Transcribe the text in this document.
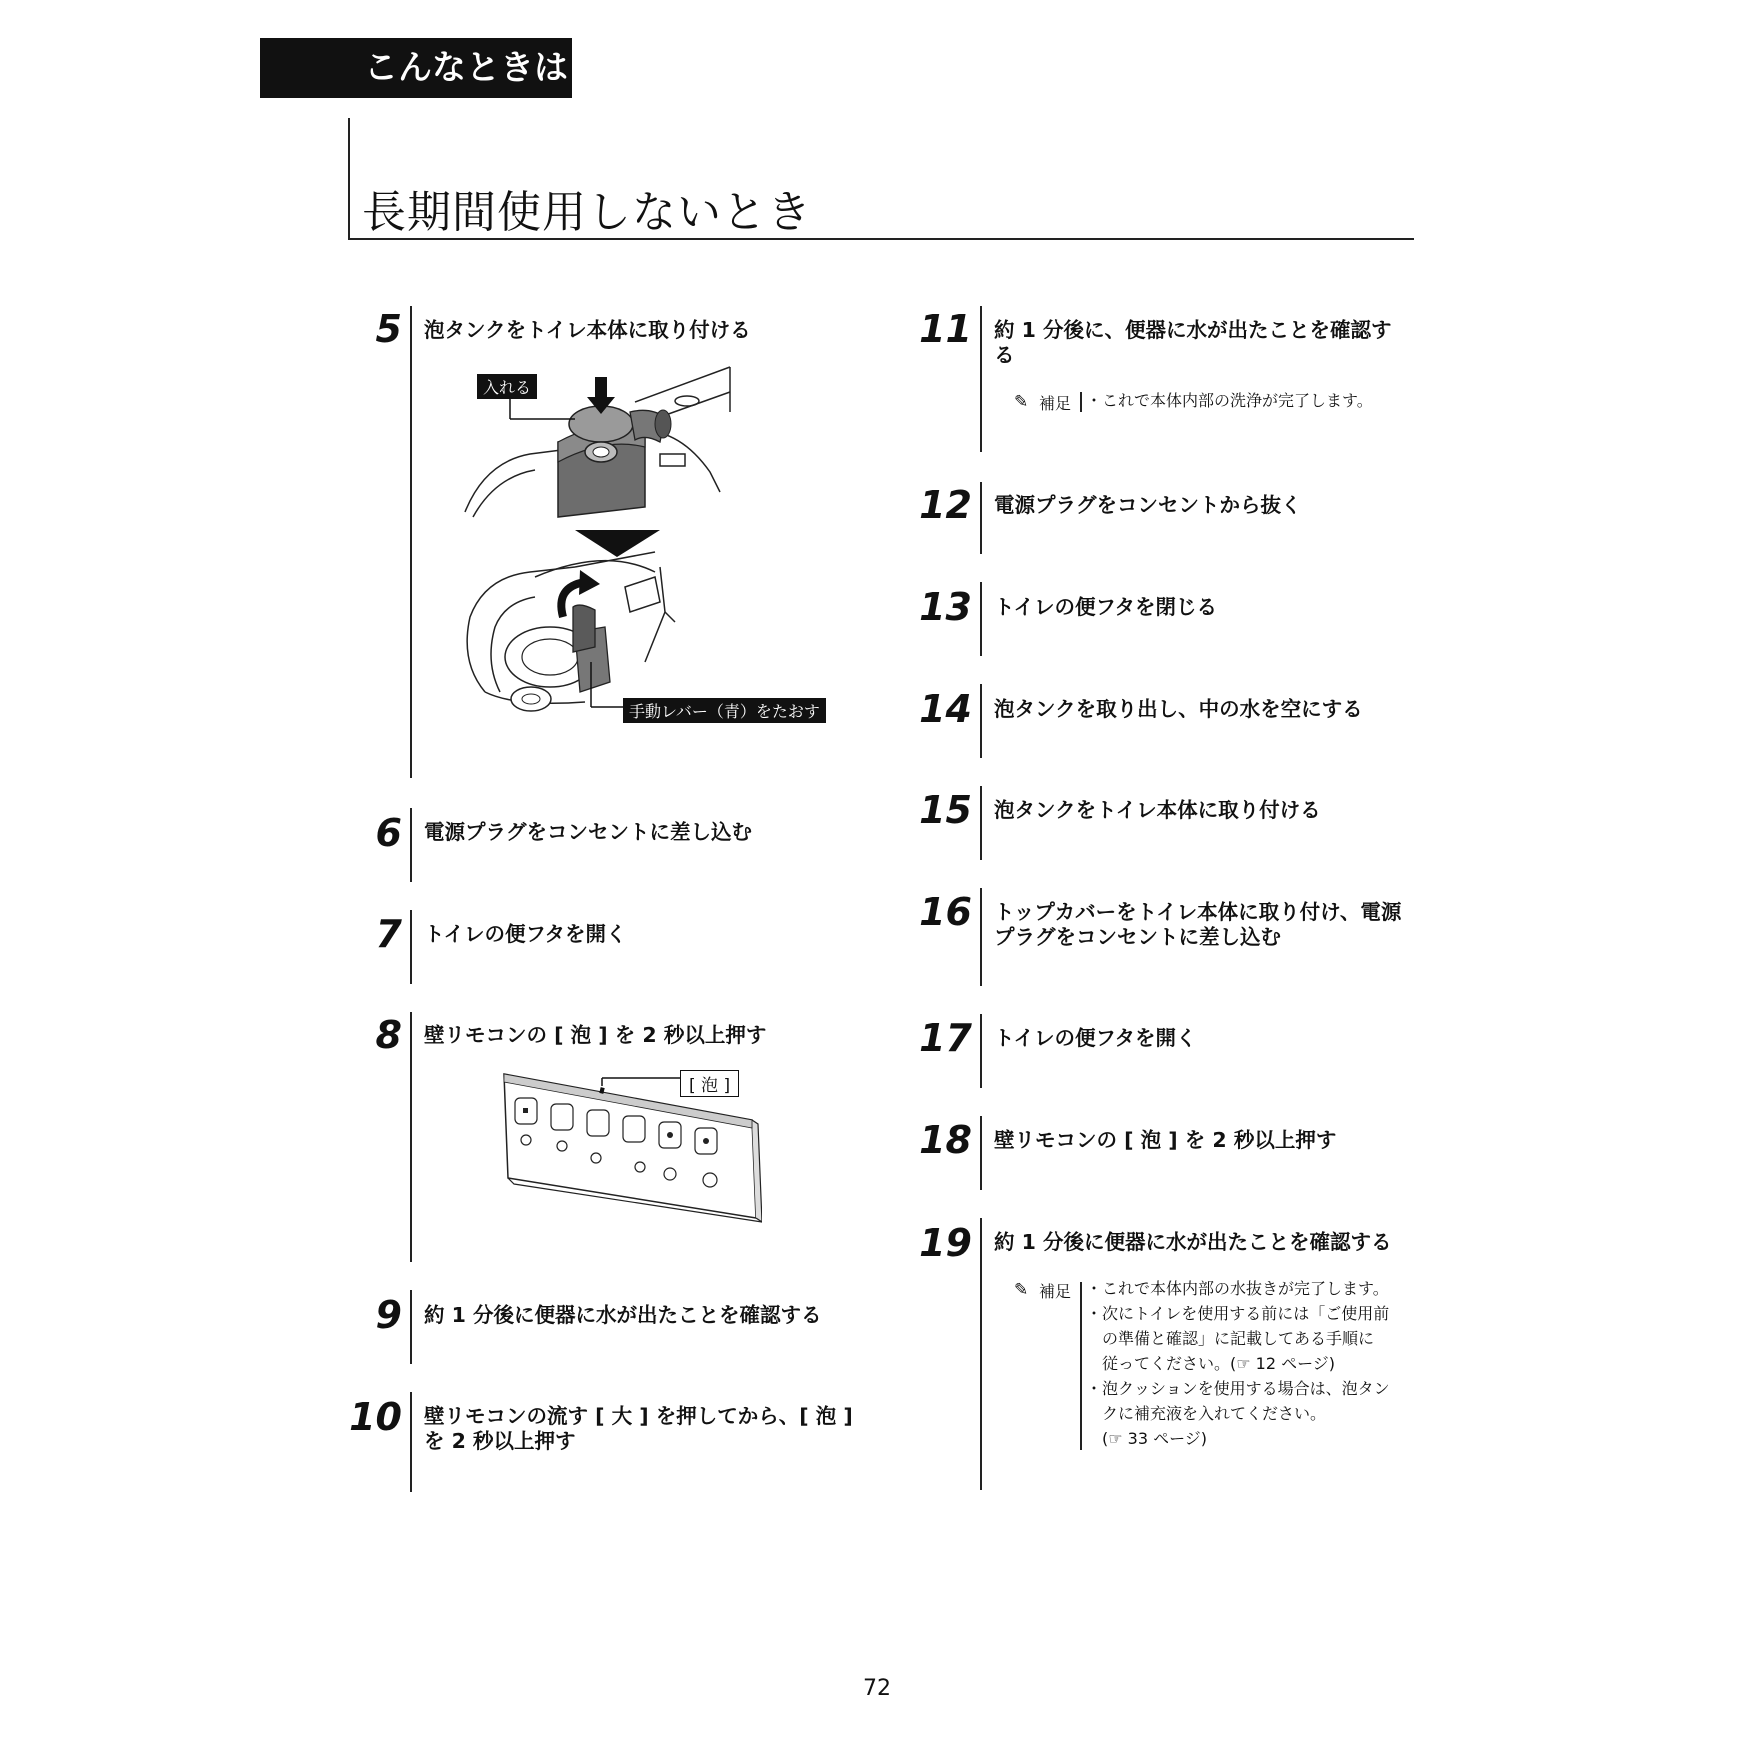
こんなときは
長期間使用しないとき
5 泡タンクをトイレ本体に取り付ける
入れる
手動レバー（青）をたおす
6 電源プラグをコンセントに差し込む
7 トイレの便フタを開く
8 壁リモコンの [ 泡 ] を 2 秒以上押す
[ 泡 ]
9 約 1 分後に便器に水が出たことを確認する
10 壁リモコンの流す [ 大 ] を押してから、[ 泡 ]
を 2 秒以上押す
11 約 1 分後に、便器に水が出たことを確認す
る
✎ 補足 ・これで本体内部の洗浄が完了します。
12 電源プラグをコンセントから抜く
13 トイレの便フタを閉じる
14 泡タンクを取り出し、中の水を空にする
15 泡タンクをトイレ本体に取り付ける
16 トップカバーをトイレ本体に取り付け、電源
プラグをコンセントに差し込む
17 トイレの便フタを開く
18 壁リモコンの [ 泡 ] を 2 秒以上押す
19 約 1 分後に便器に水が出たことを確認する
✎ 補足 ・これで本体内部の水抜きが完了します。
・次にトイレを使用する前には「ご使用前
　の準備と確認」に記載してある手順に
　従ってください。(☞ 12 ページ)
・泡クッションを使用する場合は、泡タン
　クに補充液を入れてください。
　(☞ 33 ページ)
72
